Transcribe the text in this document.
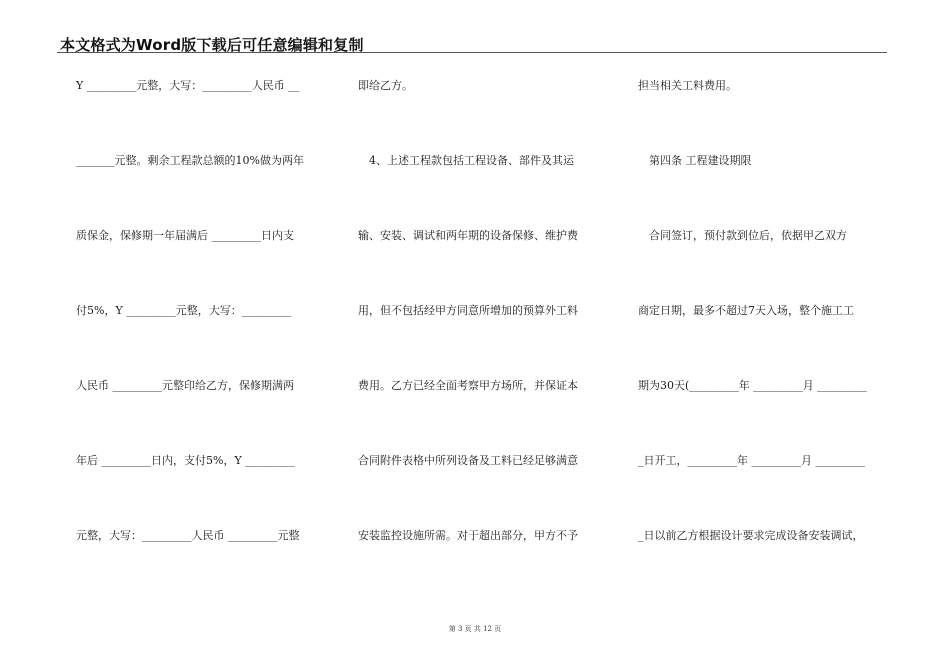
本文格式为Word版下载后可任意编辑和复制
Y _________元整，大写：_________人民币 __
_______元整。剩余工程款总额的10%做为两年
质保金，保修期一年届满后 _________日内支
付5%，Y _________元整，大写：_________
人民币 _________元整印给乙方，保修期满两
年后 _________日内，支付5%，Y _________
元整，大写：_________人民币 _________元整
即给乙方。
　4、上述工程款包括工程设备、部件及其运
输、安装、调试和两年期的设备保修、维护费
用，但不包括经甲方同意所增加的预算外工料
费用。乙方已经全面考察甲方场所，并保证本
合同附件表格中所列设备及工料已经足够满意
安装监控设施所需。对于超出部分，甲方不予
担当相关工料费用。
　第四条 工程建设期限
　合同签订，预付款到位后，依据甲乙双方
商定日期，最多不超过7天入场，整个施工工
期为30天(_________年 _________月 _________
_日开工，_________年 _________月 _________
_日以前乙方根据设计要求完成设备安装调试，
第 3 页 共 12 页
